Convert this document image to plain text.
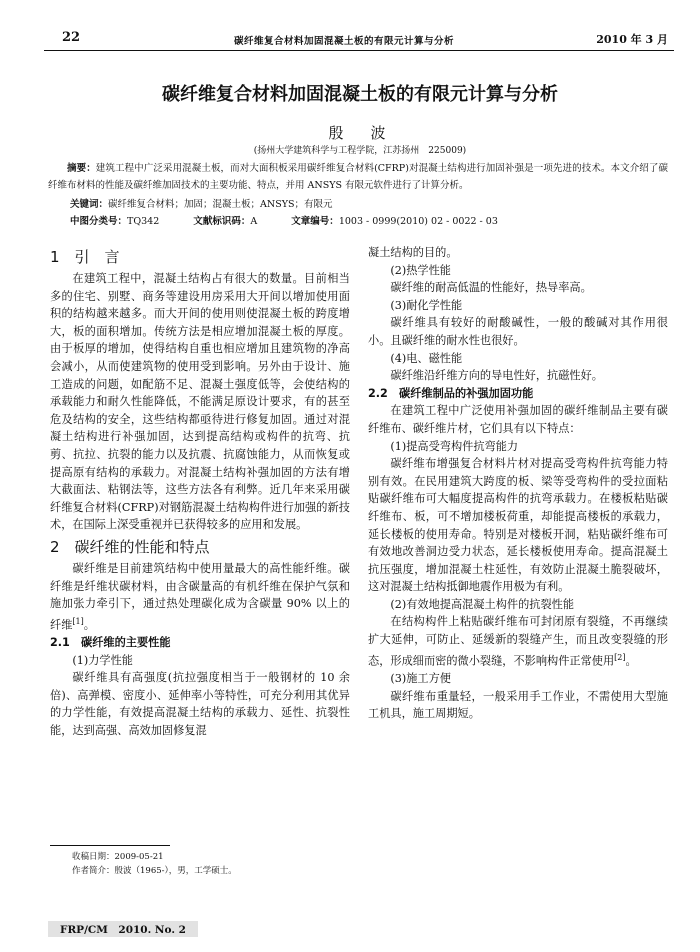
22	碳纤维复合材料加固混凝土板的有限元计算与分析	2010 年 3 月
碳纤维复合材料加固混凝土板的有限元计算与分析
殷　波
(扬州大学建筑科学与工程学院，江苏扬州　225009)
摘要：建筑工程中广泛采用混凝土板，而对大面积板采用碳纤维复合材料(CFRP)对混凝土结构进行加固补强是一项先进的技术。本文介绍了碳纤维布材料的性能及碳纤维加固技术的主要功能、特点，并用 ANSYS 有限元软件进行了计算分析。
关键词：碳纤维复合材料；加固；混凝土板；ANSYS；有限元
中图分类号：TQ342	文献标识码：A	文章编号：1003 - 0999(2010) 02 - 0022 - 03

1　引　言

在建筑工程中，混凝土结构占有很大的数量。目前相当多的住宅、别墅、商务等建设用房采用大开间以增加使用面积的结构越来越多。而大开间的使用则使混凝土板的跨度增大，板的面积增加。传统方法是相应增加混凝土板的厚度。由于板厚的增加，使得结构自重也相应增加且建筑物的净高会减小，从而使建筑物的使用受到影响。另外由于设计、施工造成的问题，如配筋不足、混凝土强度低等，会使结构的承载能力和耐久性能降低，不能满足原设计要求，有的甚至危及结构的安全，这些结构都亟待进行修复加固。通过对混凝土结构进行补强加固，达到提高结构或构件的抗弯、抗剪、抗拉、抗裂的能力以及抗震、抗腐蚀能力，从而恢复或提高原有结构的承载力。对混凝土结构补强加固的方法有增大截面法、粘钢法等，这些方法各有利弊。近几年来采用碳纤维复合材料(CFRP)对钢筋混凝土结构构件进行加强的新技术，在国际上深受重视并已获得较多的应用和发展。

2　碳纤维的性能和特点

碳纤维是目前建筑结构中使用量最大的高性能纤维。碳纤维是纤维状碳材料，由含碳量高的有机纤维在保护气氛和施加张力牵引下，通过热处理碳化成为含碳量 90% 以上的纤维[1]。

2.1　碳纤维的主要性能

(1)力学性能

碳纤维具有高强度(抗拉强度相当于一般钢材的 10 余倍)、高弹模、密度小、延伸率小等特性，可充分利用其优异的力学性能，有效提高混凝土结构的承载力、延性、抗裂性能，达到高强、高效加固修复混

凝土结构的目的。

(2)热学性能

碳纤维的耐高低温的性能好，热导率高。

(3)耐化学性能

碳纤维具有较好的耐酸碱性，一般的酸碱对其作用很小。且碳纤维的耐水性也很好。

(4)电、磁性能

碳纤维沿纤维方向的导电性好，抗磁性好。

2.2　碳纤维制品的补强加固功能

在建筑工程中广泛使用补强加固的碳纤维制品主要有碳纤维布、碳纤维片材，它们具有以下特点：

(1)提高受弯构件抗弯能力

碳纤维布增强复合材料片材对提高受弯构件抗弯能力特别有效。在民用建筑大跨度的板、梁等受弯构件的受拉面粘贴碳纤维布可大幅度提高构件的抗弯承载力。在楼板粘贴碳纤维布、板，可不增加楼板荷重，却能提高楼板的承载力，延长楼板的使用寿命。特别是对楼板开洞，粘贴碳纤维布可有效地改善洞边受力状态，延长楼板使用寿命。提高混凝土抗压强度，增加混凝土柱延性，有效防止混凝土脆裂破坏，这对混凝土结构抵御地震作用极为有利。

(2)有效地提高混凝土构件的抗裂性能

在结构构件上粘贴碳纤维布可封闭原有裂缝，不再继续扩大延伸，可防止、延缓新的裂缝产生，而且改变裂缝的形态，形成细而密的微小裂缝，不影响构件正常使用[2]。

(3)施工方便

碳纤维布重量轻，一般采用手工作业，不需使用大型施工机具，施工周期短。

收稿日期：2009-05-21
作者简介：殷波（1965-），男，工学硕士。
FRP/CM　2010. No. 2
